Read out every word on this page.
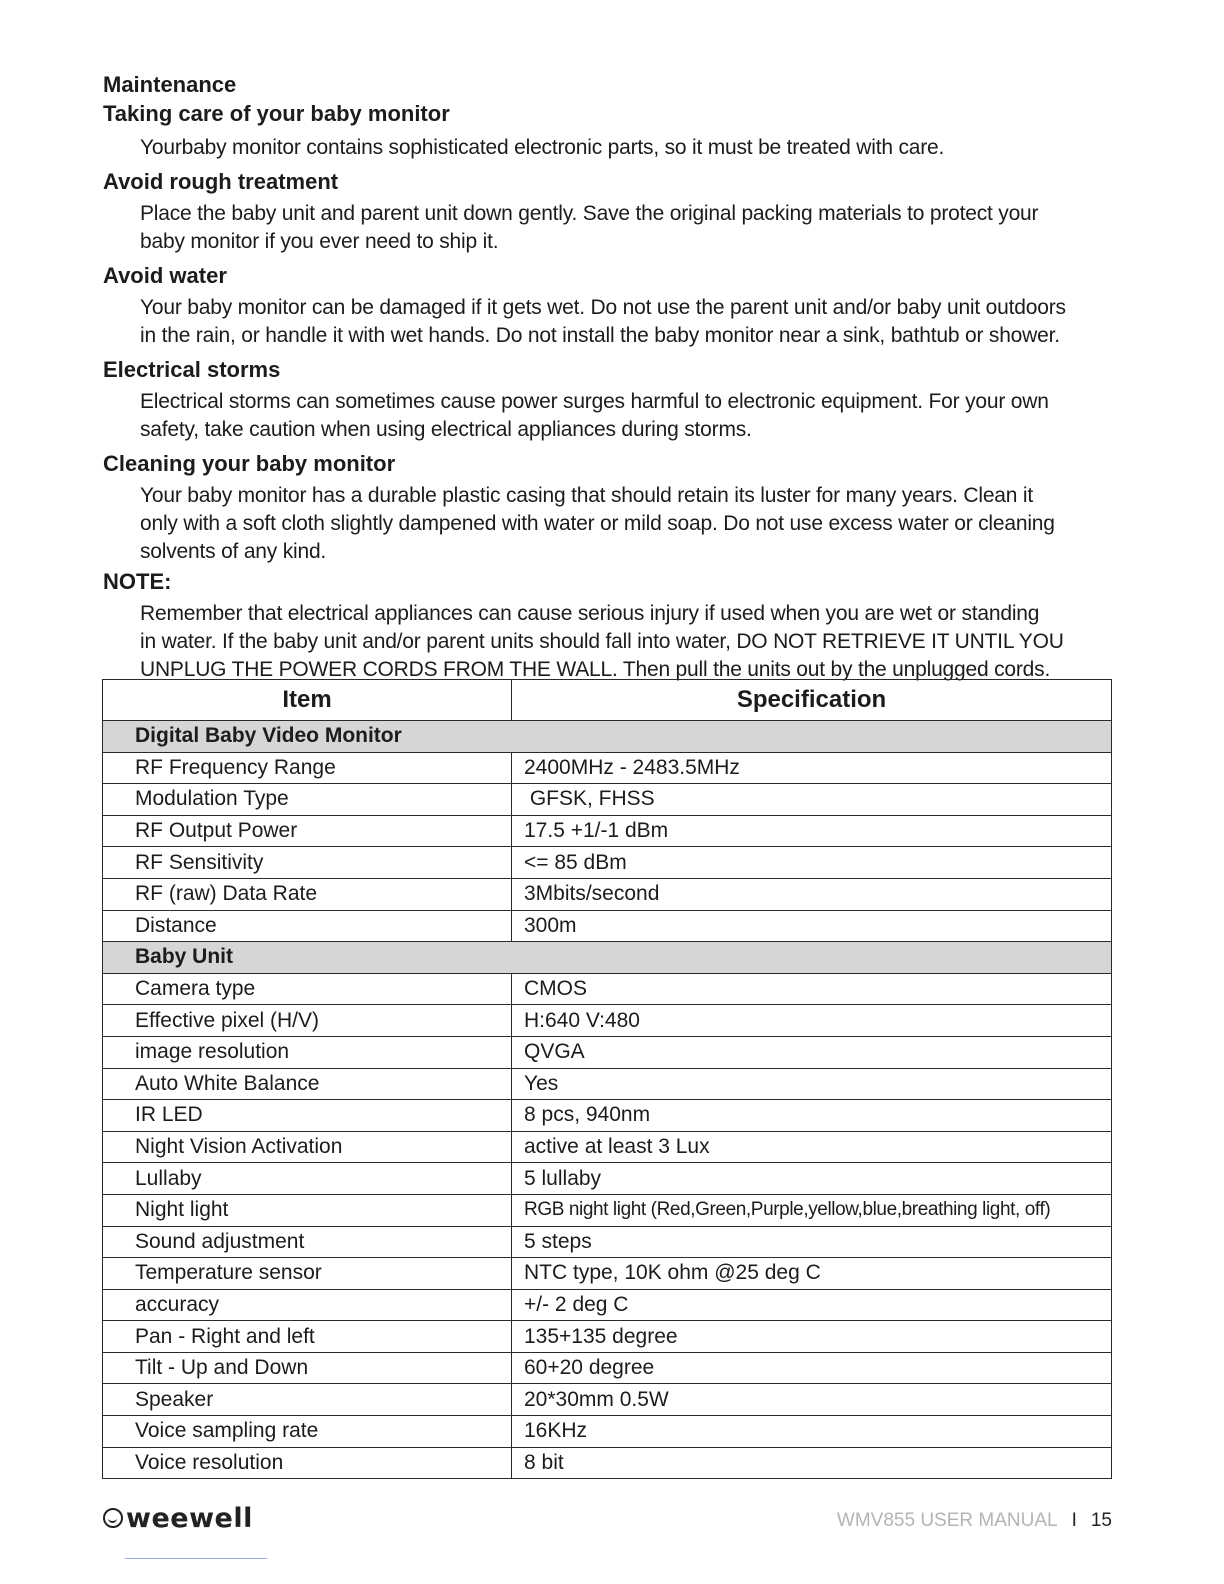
Maintenance

Taking care of your baby monitor

Yourbaby monitor contains sophisticated electronic parts, so it must be treated with care.

Avoid rough treatment

Place the baby unit and parent unit down gently. Save the original packing materials to protect your

baby monitor if you ever need to ship it.

Avoid water

Your baby monitor can be damaged if it gets wet. Do not use the parent unit and/or baby unit outdoors

in the rain, or handle it with wet hands. Do not install the baby monitor near a sink, bathtub or shower.

Electrical storms

Electrical storms can sometimes cause power surges harmful to electronic equipment. For your own

safety, take caution when using electrical appliances during storms.

Cleaning your baby monitor

Your baby monitor has a durable plastic casing that should retain its luster for many years. Clean it

only with a soft cloth slightly dampened with water or mild soap. Do not use excess water or cleaning

solvents of any kind.

NOTE:

Remember that electrical appliances can cause serious injury if used when you are wet or standing

in water. If the baby unit and/or parent units should fall into water, DO NOT RETRIEVE IT UNTIL YOU

UNPLUG THE POWER CORDS FROM THE WALL. Then pull the units out by the unplugged cords.

Item	Specification
Digital Baby Video Monitor	
RF Frequency Range	2400MHz - 2483.5MHz
Modulation Type	GFSK, FHSS
RF Output Power	17.5 +1/-1 dBm
RF Sensitivity	<= 85 dBm
RF (raw) Data Rate	3Mbits/second
Distance	300m
Baby Unit	
Camera type	CMOS
Effective pixel (H/V)	H:640 V:480
image resolution	QVGA
Auto White Balance	Yes
IR LED	8 pcs, 940nm
Night Vision Activation	active at least 3 Lux
Lullaby	5 lullaby
Night light	RGB night light (Red,Green,Purple,yellow,blue,breathing light, off)
Sound adjustment	5 steps
Temperature sensor	NTC type, 10K ohm @25 deg C
accuracy	+/- 2 deg C
Pan - Right and left	135+135 degree
Tilt - Up and Down	60+20 degree
Speaker	20*30mm 0.5W
Voice sampling rate	16KHz
Voice resolution	8 bit
weewell	WMV855 USER MANUAL I 15
